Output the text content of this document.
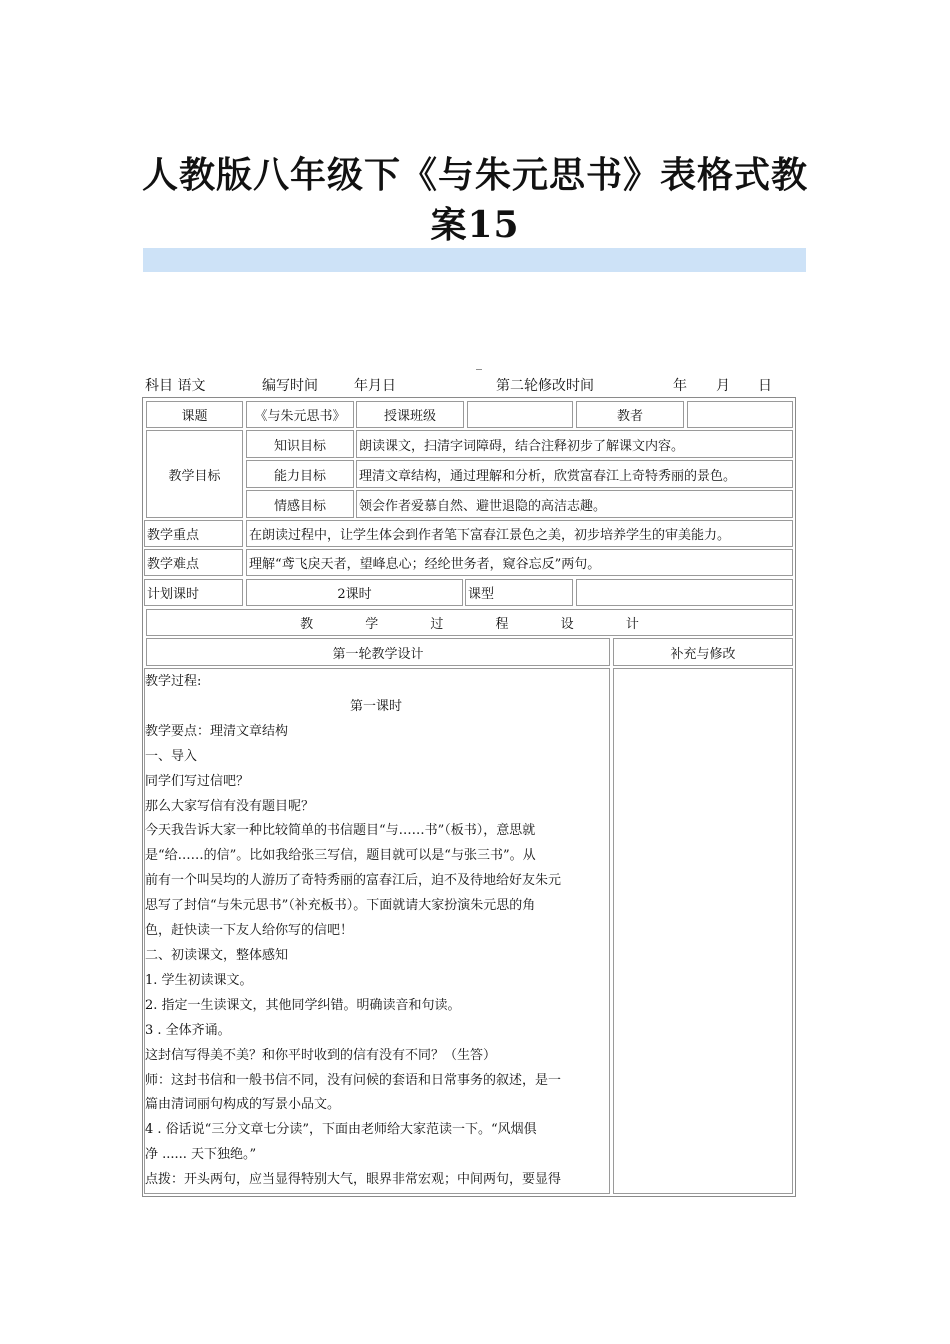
人教版八年级下《与朱元思书》表格式教
案15
_
科目 语文	编写时间	年月日	第二轮修改时间	年 月 日
课题	《与朱元思书》	授课班级	教者
教学目标
知识目标	朗读课文，扫清字词障碍，结合注释初步了解课文内容。
能力目标	理清文章结构，通过理解和分析，欣赏富春江上奇特秀丽的景色。
情感目标	领会作者爱慕自然、避世退隐的高洁志趣。
教学重点	在朗读过程中，让学生体会到作者笔下富春江景色之美，初步培养学生的审美能力。
教学难点	理解“鸢飞戾天者，望峰息心；经纶世务者，窥谷忘反”两句。
计划课时	2课时	课型
教 学 过 程 设 计
第一轮教学设计	补充与修改
教学过程:
第一课时
教学要点：理清文章结构
一、导入
同学们写过信吧？
那么大家写信有没有题目呢？
今天我告诉大家一种比较简单的书信题目“与……书”（板书），意思就
是“给……的信”。比如我给张三写信，题目就可以是“与张三书”。从
前有一个叫吴均的人游历了奇特秀丽的富春江后，迫不及待地给好友朱元
思写了封信“与朱元思书”（补充板书）。下面就请大家扮演朱元思的角
色，赶快读一下友人给你写的信吧！
二、初读课文，整体感知
1. 学生初读课文。
2. 指定一生读课文，其他同学纠错。明确读音和句读。
3 . 全体齐诵。
这封信写得美不美？和你平时收到的信有没有不同？（生答）
师：这封书信和一般书信不同，没有问候的套语和日常事务的叙述，是一
篇由清词丽句构成的写景小品文。
4 . 俗话说“三分文章七分读”，下面由老师给大家范读一下。“风烟俱
净 ...... 天下独绝。”
点拨：开头两句，应当显得特别大气，眼界非常宏观；中间两句，要显得
